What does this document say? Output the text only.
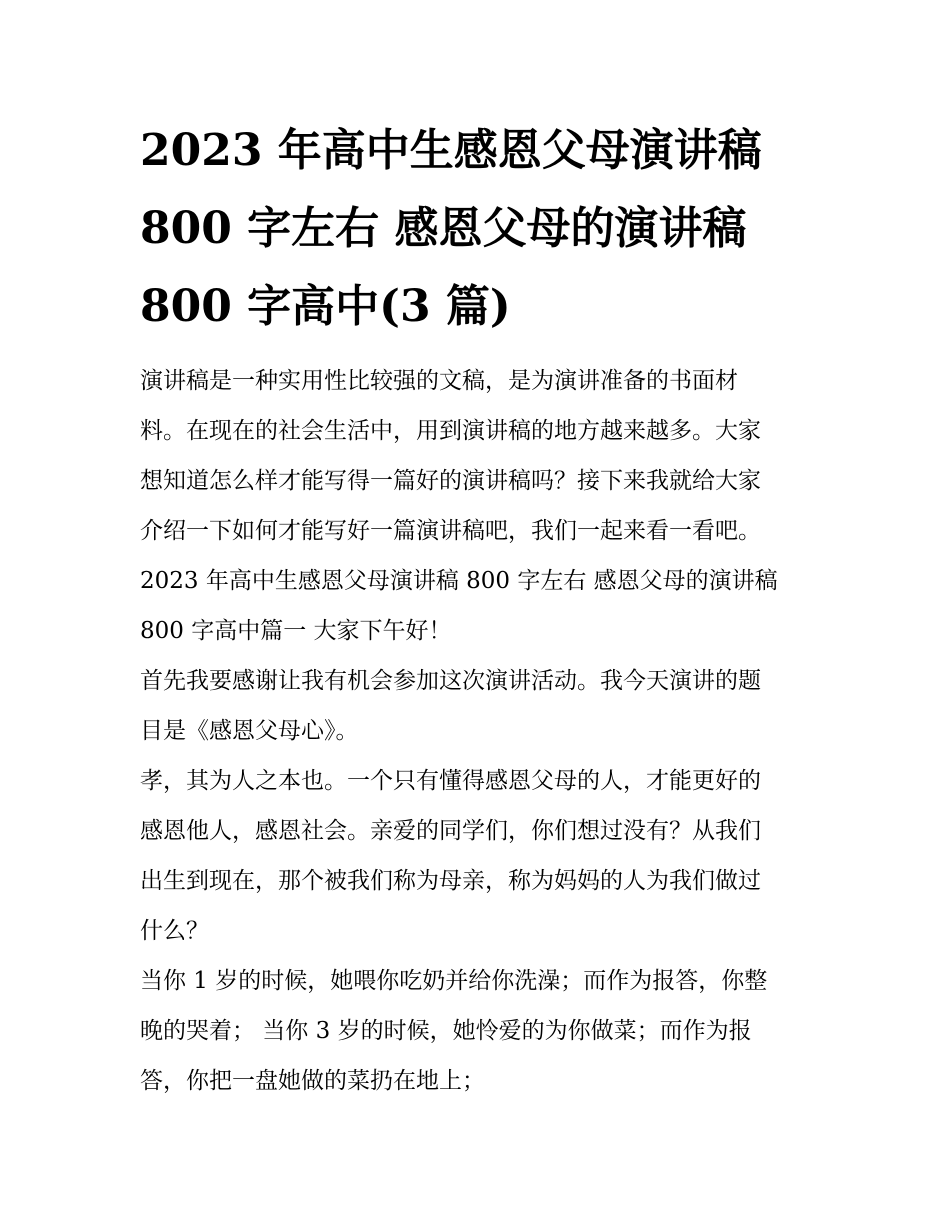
2023 年高中生感恩父母演讲稿
800 字左右 感恩父母的演讲稿
800 字高中(3 篇)
演讲稿是一种实用性比较强的文稿，是为演讲准备的书面材
料。在现在的社会生活中，用到演讲稿的地方越来越多。大家
想知道怎么样才能写得一篇好的演讲稿吗？接下来我就给大家
介绍一下如何才能写好一篇演讲稿吧，我们一起来看一看吧。
2023 年高中生感恩父母演讲稿 800 字左右 感恩父母的演讲稿
800 字高中篇一 大家下午好！
首先我要感谢让我有机会参加这次演讲活动。我今天演讲的题
目是《感恩父母心》。
孝，其为人之本也。一个只有懂得感恩父母的人，才能更好的
感恩他人，感恩社会。亲爱的同学们，你们想过没有？从我们
出生到现在，那个被我们称为母亲，称为妈妈的人为我们做过
什么？
当你 1 岁的时候，她喂你吃奶并给你洗澡；而作为报答，你整
晚的哭着； 当你 3 岁的时候，她怜爱的为你做菜；而作为报
答，你把一盘她做的菜扔在地上；
